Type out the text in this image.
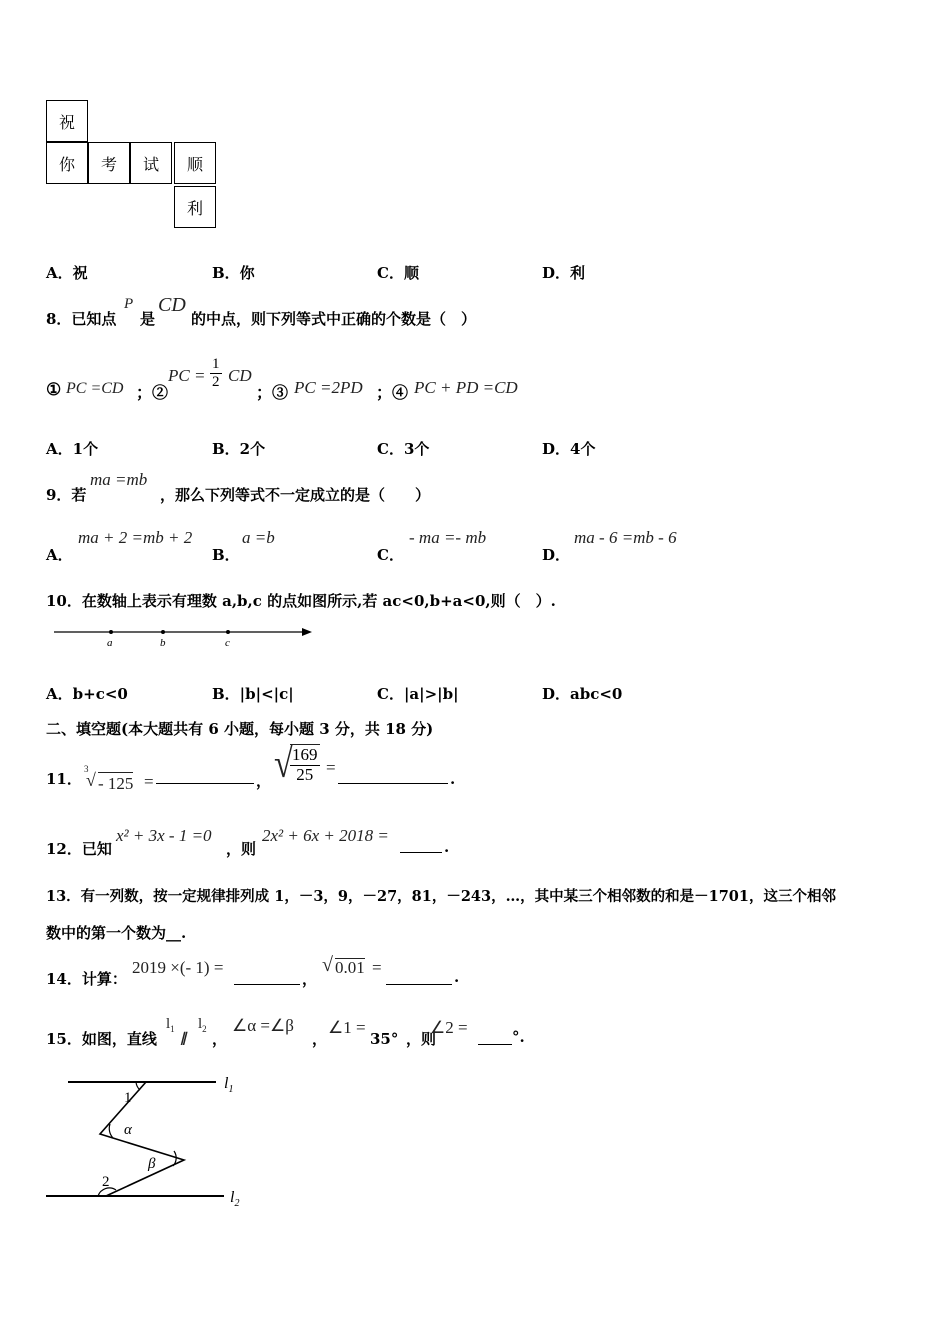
祝
你	考	试	顺
利
A．祝	B．你	C．顺	D．利
8．已知点
P
是
CD
的中点，则下列等式中正确的个数是（　）
① PC =CD ；②
PC = $\frac{1}{2}$ CD
；③ PC =2PD ；④ PC + PD =CD
A．1个	B．2个	C．3个	D．4个
9．若
ma =mb
，那么下列等式不一定成立的是（　　）
A．
ma + 2 =mb + 2
B．
a =b
C．
- ma =- mb
D．
ma - 6 =mb - 6
10．在数轴上表示有理数 a,b,c 的点如图所示,若 ac<0,b+a<0,则（　）.
a	b	c
A．b+c<0	B．|b|<|c|	C．|a|>|b|	D．abc<0
二、填空题(本大题共有 6 小题，每小题 3 分，共 18 分)
11．
3
√ - 125 =	， √
$\frac{169}{25}$ =
.
12．已知
x² + 3x - 1 =0
，则
2x² + 6x + 2018 =
.
13．有一列数，按一定规律排列成 1，－3，9，－27，81，－243，…，其中某三个相邻数的和是－1701，这三个相邻
数中的第一个数为__.
14．计算：
2019 ×(- 1) =
，
√ 0.01 =	.
15．如图，直线
$l_1$
∥
$l_2$
，
∠α =∠β
，
∠1 =
35° ，则
∠2 =	°.
$l_1$
$l_2$
1
α
β
2
